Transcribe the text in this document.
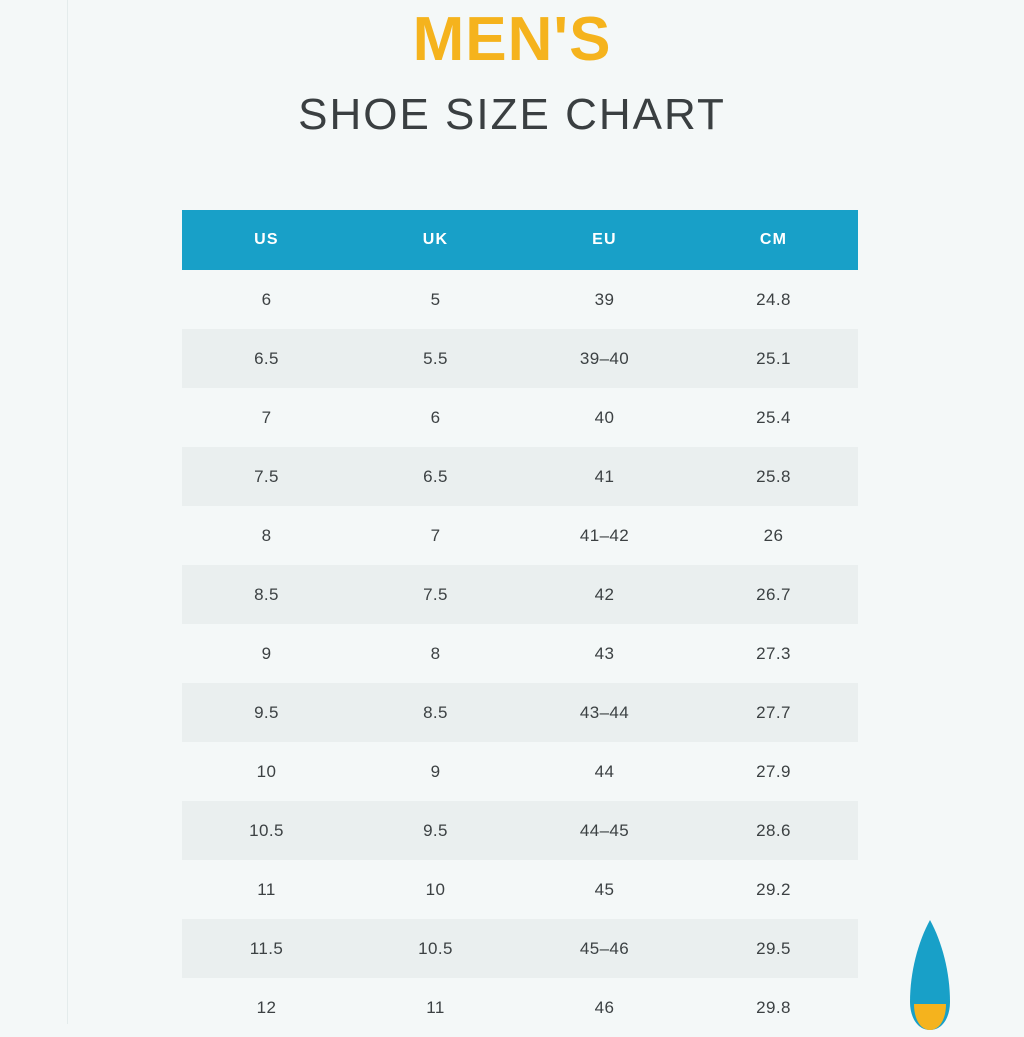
MEN'S
SHOE SIZE CHART
US	UK	EU	CM
6	5	39	24.8
6.5	5.5	39–40	25.1
7	6	40	25.4
7.5	6.5	41	25.8
8	7	41–42	26
8.5	7.5	42	26.7
9	8	43	27.3
9.5	8.5	43–44	27.7
10	9	44	27.9
10.5	9.5	44–45	28.6
11	10	45	29.2
11.5	10.5	45–46	29.5
12	11	46	29.8
